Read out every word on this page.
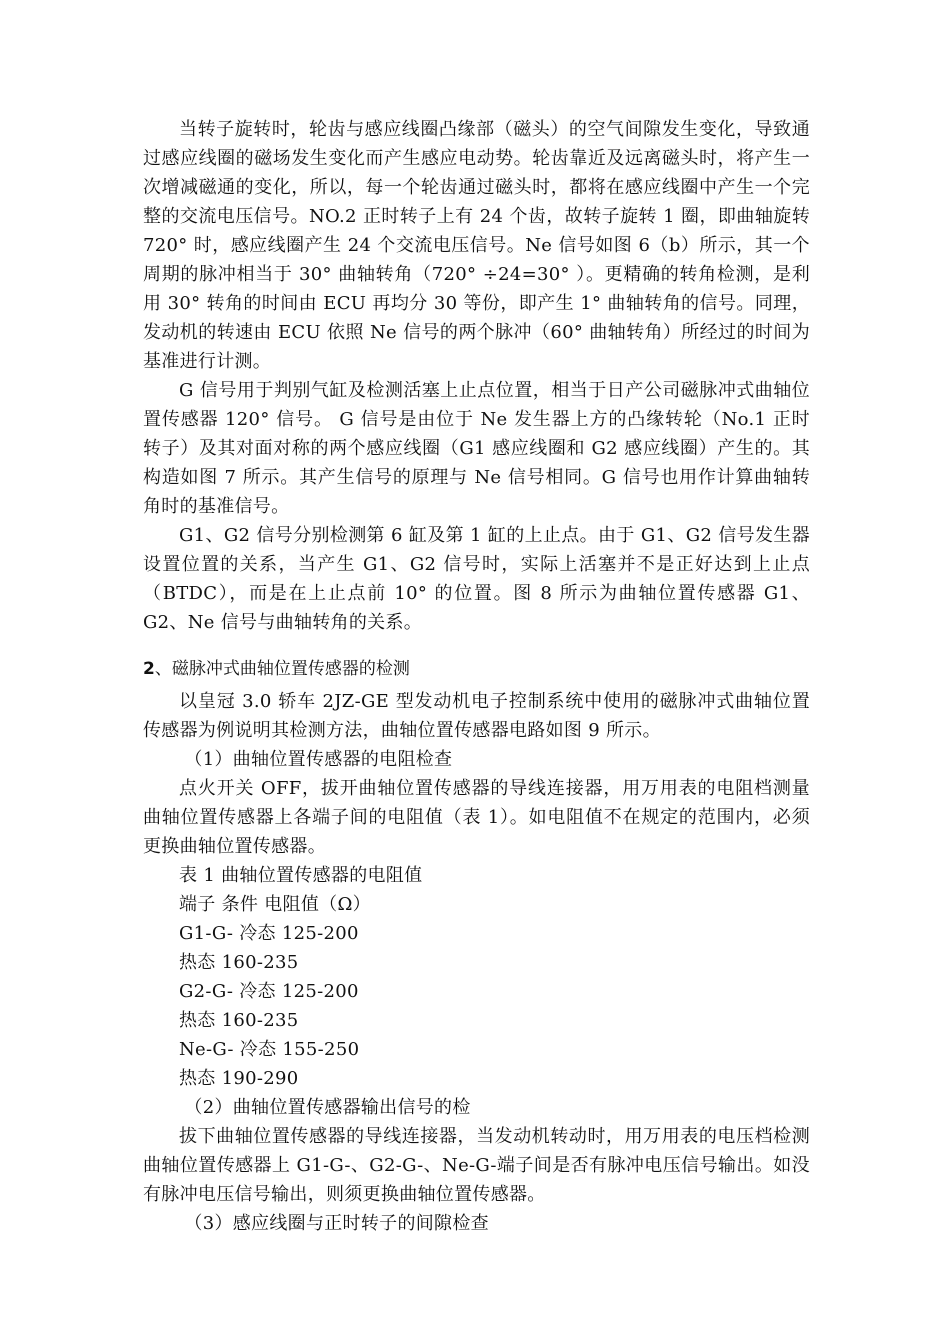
当转子旋转时，轮齿与感应线圈凸缘部（磁头）的空气间隙发生变化，导致通过感应线圈的磁场发生变化而产生感应电动势。轮齿靠近及远离磁头时，将产生一次增减磁通的变化，所以，每一个轮齿通过磁头时，都将在感应线圈中产生一个完整的交流电压信号。NO.2 正时转子上有 24 个齿，故转子旋转 1 圈，即曲轴旋转 720° 时，感应线圈产生 24 个交流电压信号。Ne 信号如图 6（b）所示，其一个周期的脉冲相当于 30° 曲轴转角（720° ÷24=30° ）。更精确的转角检测，是利用 30° 转角的时间由 ECU 再均分 30 等份，即产生 1° 曲轴转角的信号。同理，发动机的转速由 ECU 依照 Ne 信号的两个脉冲（60° 曲轴转角）所经过的时间为基准进行计测。

G 信号用于判别气缸及检测活塞上止点位置，相当于日产公司磁脉冲式曲轴位置传感器 120° 信号。 G 信号是由位于 Ne 发生器上方的凸缘转轮（No.1 正时转子）及其对面对称的两个感应线圈（G1 感应线圈和 G2 感应线圈）产生的。其构造如图 7 所示。其产生信号的原理与 Ne 信号相同。G 信号也用作计算曲轴转角时的基准信号。

G1、G2 信号分别检测第 6 缸及第 1 缸的上止点。由于 G1、G2 信号发生器设置位置的关系，当产生 G1、G2 信号时，实际上活塞并不是正好达到上止点（BTDC），而是在上止点前 10° 的位置。图 8 所示为曲轴位置传感器 G1、G2、Ne 信号与曲轴转角的关系。

2、磁脉冲式曲轴位置传感器的检测

以皇冠 3.0 轿车 2JZ-GE 型发动机电子控制系统中使用的磁脉冲式曲轴位置传感器为例说明其检测方法，曲轴位置传感器电路如图 9 所示。

（1）曲轴位置传感器的电阻检查

点火开关 OFF，拔开曲轴位置传感器的导线连接器，用万用表的电阻档测量曲轴位置传感器上各端子间的电阻值（表 1）。如电阻值不在规定的范围内，必须更换曲轴位置传感器。

表 1 曲轴位置传感器的电阻值

端子 条件 电阻值（Ω）

G1-G- 冷态 125-200

热态 160-235

G2-G- 冷态 125-200

热态 160-235

Ne-G- 冷态 155-250

热态 190-290

（2）曲轴位置传感器输出信号的检

拔下曲轴位置传感器的导线连接器，当发动机转动时，用万用表的电压档检测曲轴位置传感器上 G1-G-、G2-G-、Ne-G-端子间是否有脉冲电压信号输出。如没有脉冲电压信号输出，则须更换曲轴位置传感器。

（3）感应线圈与正时转子的间隙检查
